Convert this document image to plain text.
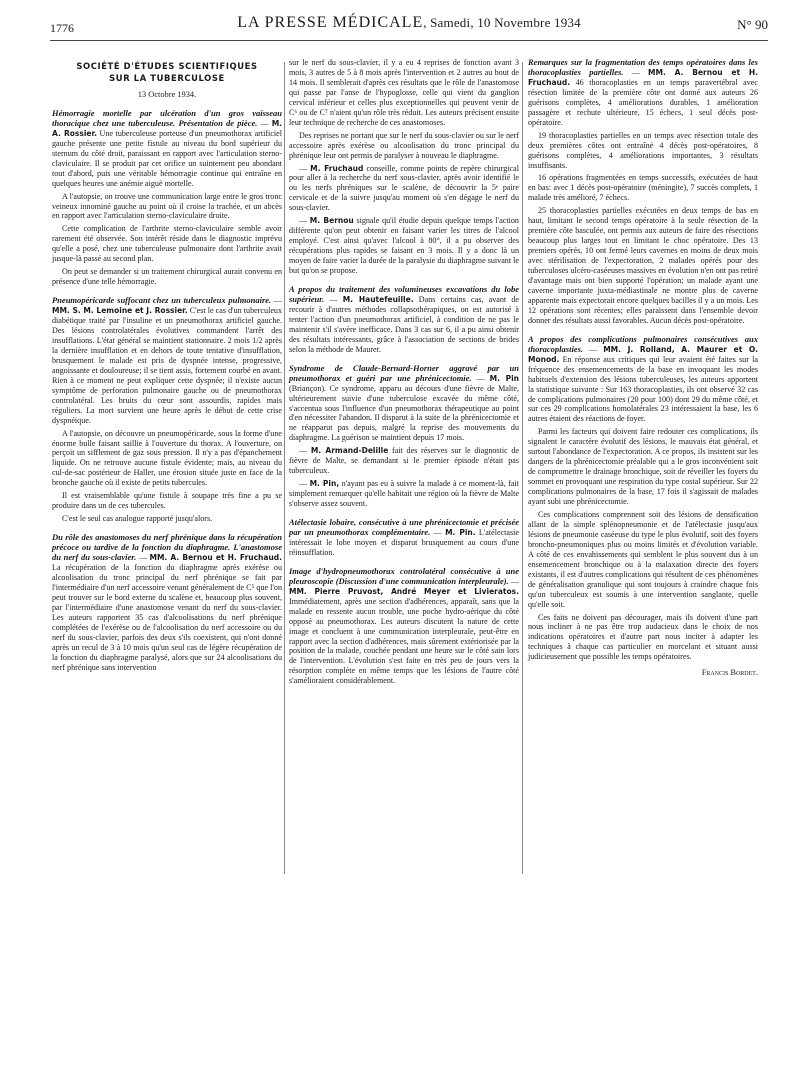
1776	LA PRESSE MÉDICALE, Samedi, 10 Novembre 1934	N° 90
SOCIÉTÉ D'ÉTUDES SCIENTIFIQUES
SUR LA TUBERCULOSE
13 Octobre 1934.

Hémorragie mortelle par ulcération d'un gros vaisseau thoracique chez une tuberculeuse. Présentation de pièce. — M. A. Rossier. Une tuberculeuse porteuse d'un pneumothorax artificiel gauche présente une petite fistule au niveau du bord supérieur du sternum du côté droit, paraissant en rapport avec l'articulation sterno-claviculaire. Il se produit par cet orifice un suintement peu abondant tout d'abord, puis une véritable hémorragie continue qui entraîne en quelques heures une anémie aiguë mortelle.

A l'autopsie, on trouve une communication large entre le gros tronc veineux innominé gauche au point où il croise la trachée, et un abcès en rapport avec l'articulation sterno-claviculaire droite.

Cette complication de l'arthrite sterno-claviculaire semble avoir rarement été observée. Son intérêt réside dans le diagnostic imprévu qu'elle a posé, chez une tuberculeuse pulmonaire dont l'arthrite avait jusque-là passé au second plan.

On peut se demander si un traitement chirurgical aurait convenu en présence d'une telle hémorragie.

Pneumopéricarde suffocant chez un tuberculeux pulmonaire. — MM. S. M. Lemoine et J. Rossier. C'est le cas d'un tuberculeux diabétique traité par l'insuline et un pneumothorax artificiel gauche. Des lésions controlatérales évolutives commandent l'arrêt des insufflations. L'état général se maintient stationnaire. 2 mois 1/2 après la dernière insufflation et en dehors de toute tentative d'insufflation, brusquement le malade est pris de dyspnée intense, progressive, angoissante et douloureuse; il se tient assis, fortement courbé en avant. Rien à ce moment ne peut expliquer cette dyspnée; il n'existe aucun symptôme de perforation pulmonaire gauche ou de pneumothorax controlatéral. Les bruits du cœur sont assourdis, rapides mais réguliers. La mort survient une heure après le début de cette crise dyspnéique.

A l'autopsie, on découvre un pneumopéricarde, sous la forme d'une énorme bulle faisant saillie à l'ouverture du thorax. A l'ouverture, on perçoit un sifflement de gaz sous pression. Il n'y a pas d'épanchement liquide. On ne retrouve aucune fistule évidente; mais, au niveau du cul-de-sac postérieur de Haller, une érosion située juste en face de la bronche gauche où il existe de petits tubercules.

Il est vraisemblable qu'une fistule à soupape très fine a pu se produire dans un de ces tubercules.

C'est le seul cas analogue rapporté jusqu'alors.

Du rôle des anastomoses du nerf phrénique dans la récupération précoce ou tardive de la fonction du diaphragme. L'anastomose du nerf du sous-clavier. — MM. A. Bernou et H. Fruchaud. La récupération de la fonction du diaphragme après exérèse ou alcoolisation du tronc principal du nerf phrénique se fait par l'intermédiaire d'un nerf accessoire venant généralement de C⁵ que l'on peut trouver sur le bord externe du scalène et, beaucoup plus souvent, par l'intermédiaire d'une anastomose venant du nerf du sous-clavier. Les auteurs rapportent 35 cas d'alcoolisations du nerf phrénique complétées de l'exérèse ou de l'alcoolisation du nerf accessoire ou du nerf du sous-clavier, parfois des deux s'ils coexistent, qui n'ont donné après un recul de 3 à 10 mois qu'un seul cas de légère récupération de la fonction du diaphragme paralysé, alors que sur 24 alcoolisations du nerf phrénique sans intervention

sur le nerf du sous-clavier, il y a eu 4 reprises de fonction avant 3 mois, 3 autres de 5 à 8 mois après l'intervention et 2 autres au bout de 14 mois. Il semblerait d'après ces résultats que le rôle de l'anastomose qui passe par l'anse de l'hypoglosse, celle qui vient du ganglion cervical inférieur et celles plus exceptionnelles qui peuvent venir de C⁶ ou de C⁷ n'aient qu'un rôle très réduit. Les auteurs précisent ensuite leur technique de recherche de ces anastomoses.

Des reprises ne portant que sur le nerf du sous-clavier ou sur le nerf accessoire après exérèse ou alcoolisation du tronc principal du phrénique leur ont permis de paralyser à nouveau le diaphragme.

— M. Fruchaud conseille, comme points de repère chirurgical pour aller à la recherche du nerf sous-clavier, après avoir identifié le ou les nerfs phréniques sur le scalène, de découvrir la 5ᵉ paire cervicale et de la suivre jusqu'au moment où s'en dégage le nerf du sous-clavier.

— M. Bernou signale qu'il étudie depuis quelque temps l'action différente qu'on peut obtenir en faisant varier les titres de l'alcool employé. C'est ainsi qu'avec l'alcool à 80°, il a pu observer des récupérations plus rapides se faisant en 3 mois. Il y a donc là un moyen de faire varier la durée de la paralysie du diaphragme suivant le but qu'on se propose.

A propos du traitement des volumineuses excavations du lobe supérieur. — M. Hautefeuille. Dans certains cas, avant de recourir à d'autres méthodes collapsothérapiques, on est autorisé à tenter l'action d'un pneumothorax artificiel, à condition de ne pas le maintenir s'il s'avère inefficace. Dans 3 cas sur 6, il a pu ainsi obtenir des résultats intéressants, grâce à l'association de sections de brides selon la méthode de Maurer.

Syndrome de Claude-Bernard-Horner aggravé par un pneumothorax et guéri par une phrénicectomie. — M. Pin (Briançon). Ce syndrome, apparu au décours d'une fièvre de Malte, ultérieurement suivie d'une tuberculose excavée du même côté, s'accentua sous l'influence d'un pneumothorax thérapeutique au point d'en nécessiter l'abandon. Il disparut à la suite de la phrénicectomie et ne réapparut pas depuis, malgré la reprise des mouvements du diaphragme. La guérison se maintient depuis 17 mois.

— M. Armand-Delille fait des réserves sur le diagnostic de fièvre de Malte, se demandant si le premier épisode n'était pas tuberculeux.

— M. Pin, n'ayant pas eu à suivre la malade à ce moment-là, fait simplement remarquer qu'elle habitait une région où la fièvre de Malte s'observe assez souvent.

Atélectasie lobaire, consécutive à une phrénicectomie et précisée par un pneumothorax complémentaire. — M. Pin. L'atélectasie intéressait le lobe moyen et disparut brusquement au cours d'une réinsufflation.

Image d'hydropneumothorax controlatéral consécutive à une pleuroscopie (Discussion d'une communication interpleurale). — MM. Pierre Pruvost, André Meyer et Livieratos. Immédiatement, après une section d'adhérences, apparaît, sans que la malade en ressente aucun trouble, une poche hydro-aérique du côté opposé au pneumothorax. Les auteurs discutent la nature de cette image et concluent à une communication interpleurale, peut-être en rapport avec la section d'adhérences, mais sûrement extériorisée par la position de la malade, couchée pendant une heure sur le côté sain lors de l'intervention. L'évolution s'est faite en très peu de jours vers la résorption complète en même temps que les lésions de l'autre côté s'amélioraient considérablement.

Remarques sur la fragmentation des temps opératoires dans les thoracoplasties partielles. — MM. A. Bernou et H. Fruchaud. 46 thoracoplasties en un temps paravertébral avec résection limitée de la première côte ont donné aux auteurs 26 guérisons complètes, 4 améliorations durables, 1 amélioration passagère et rechute ultérieure, 15 échecs, 1 seul décès post-opératoire.

19 thoracoplasties partielles en un temps avec résection totale des deux premières côtes ont entraîné 4 décès post-opératoires, 8 guérisons complètes, 4 améliorations importantes, 3 résultats insuffisants.

16 opérations fragmentées en temps successifs, exécutées de haut en bas: avec 1 décès post-opératoire (méningite), 7 succès complets, 1 malade très amélioré, 7 échecs.

25 thoracoplasties partielles exécutées en deux temps de bas en haut, limitant le second temps opératoire à la seule résection de la première côte basculée, ont permis aux auteurs de faire des résections beaucoup plus larges tout en limitant le choc opératoire. Des 13 premiers opérés, 10 ont fermé leurs cavernes en moins de deux mois avec stérilisation de l'expectoration, 2 malades opérés pour des tuberculoses ulcéro-caséeuses massives en évolution n'en ont pas retiré d'avantage mais ont bien supporté l'opération; un malade ayant une caverne importante juxta-médiastinale ne montre plus de caverne apparente mais expectorait encore quelques bacilles il y a un mois. Les 12 opérations sont récentes; elles paraissent dans l'ensemble devoir donner des résultats aussi favorables. Aucun décès post-opératoire.

A propos des complications pulmonaires consécutives aux thoracoplasties. — MM. J. Rolland, A. Maurer et O. Monod. En réponse aux critiques qui leur avaient été faites sur la fréquence des ensemencements de la base en invoquant les modes habituels d'extension des lésions tuberculeuses, les auteurs apportent la statistique suivante : Sur 163 thoracoplasties, ils ont observé 32 cas de complications pulmonaires (20 pour 100) dont 29 du même côté, et sur ces 29 complications homolatérales 23 intéressaient la base, les 6 autres étaient des réactions de foyer.

Parmi les facteurs qui doivent faire redouter ces complications, ils signalent le caractère évolutif des lésions, le mauvais état général, et surtout l'abondance de l'expectoration. A ce propos, ils insistent sur les dangers de la phrénicectomie préalable qui a le gros inconvénient soit de compromettre le drainage bronchique, soit de réveiller les foyers du sommet en provoquant une respiration du type costal supérieur. Sur 22 complications pulmonaires de la base, 17 fois il s'agissait de malades ayant subi une phrénicectomie.

Ces complications comprennent soit des lésions de densification allant de la simple splénopneumonie et de l'atélectasie jusqu'aux lésions de pneumonie caséeuse du type le plus évolutif, soit des foyers broncho-pneumoniques plus ou moins limités et d'évolution variable. A côté de ces envahissements qui semblent le plus souvent dus à un ensemencement bronchique ou à la malaxation directe des foyers existants, il est d'autres complications qui résultent de ces phénomènes de généralisation granulique qui sont toujours à craindre chaque fois qu'un tuberculeux est soumis à une intervention sanglante, quelle qu'elle soit.

Ces faits ne doivent pas décourager, mais ils doivent d'une part nous incliner à ne pas être trop audacieux dans le choix de nos indications opératoires et d'autre part nous inciter à adapter les techniques à chaque cas particulier en morcelant et situant aussi judicieusement que possible les temps opératoires.

Francis Bordet.
